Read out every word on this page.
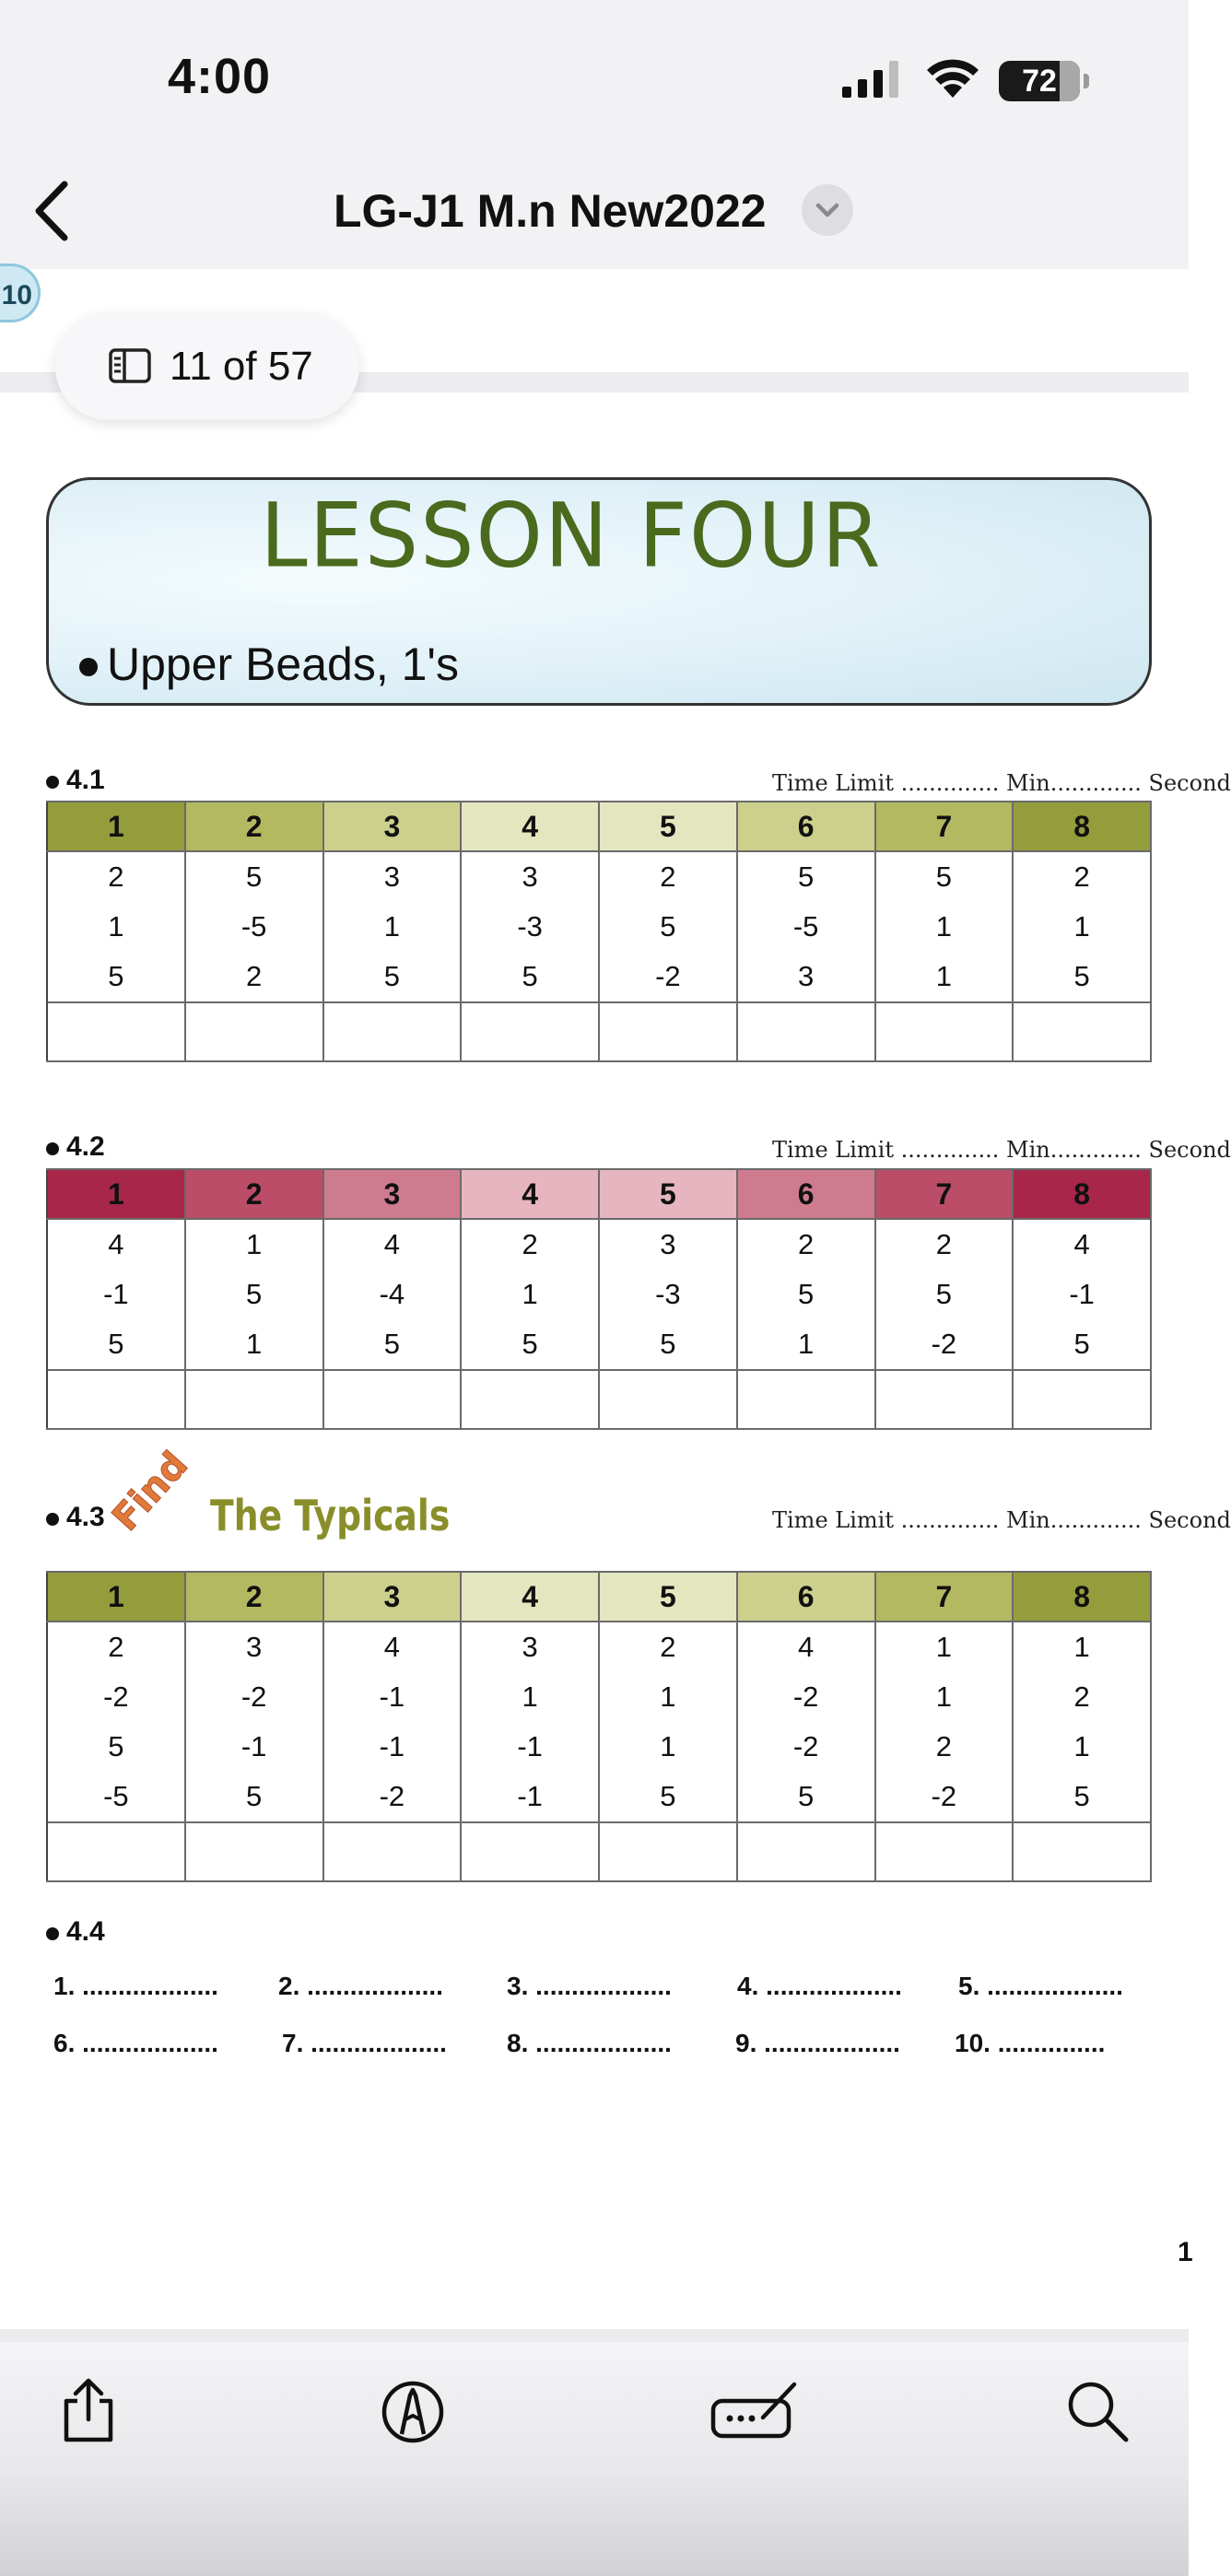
4:00	72
LG-J1 M.n New2022
10
11 of 57
LESSON FOUR
Upper Beads, 1's
4.1	Time Limit .............. Min............. Second
1	2	3	4	5	6	7	8
2	5	3	3	2	5	5	2
1	-5	1	-3	5	-5	1	1
5	2	5	5	-2	3	1	5

4.2	Time Limit .............. Min............. Second
1	2	3	4	5	6	7	8
4	1	4	2	3	2	2	4
-1	5	-4	1	-3	5	5	-1
5	1	5	5	5	1	-2	5

4.3 Find The Typicals	Time Limit .............. Min............. Second
1	2	3	4	5	6	7	8
2	3	4	3	2	4	1	1
-2	-2	-1	1	1	-2	1	2
5	-1	-1	-1	1	-2	2	1
-5	5	-2	-1	5	5	-2	5

4.4
1. ................... 2. ................... 3. ...................	4. ................... 5. ...................
6. ................... 7. ................... 8. ................... 9. ................... 10. ...............
1
